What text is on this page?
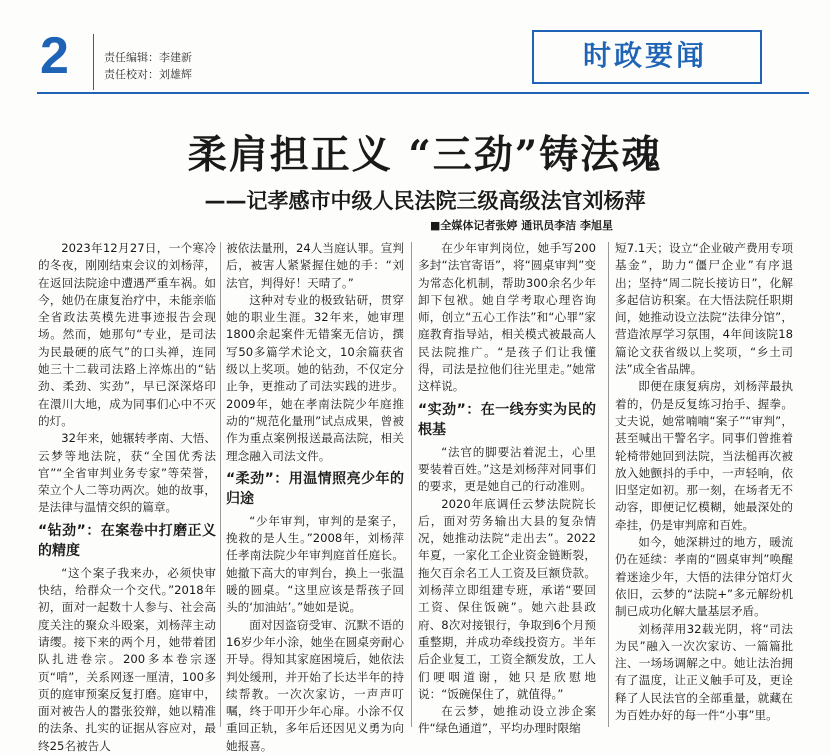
2	责任编辑：李建新
责任校对：刘雄辉
时政要闻
柔肩担正义 “三劲”铸法魂
——记孝感市中级人民法院三级高级法官刘杨萍
■全媒体记者张婷 通讯员李洁 李旭星

2023年12月27日，一个寒冷的冬夜，刚刚结束会议的刘杨萍，在返回法院途中遭遇严重车祸。如今，她仍在康复治疗中，未能亲临全省政法英模先进事迹报告会现场。然而，她那句“专业，是司法为民最硬的底气”的口头禅，连同她三十二载司法路上淬炼出的“钻劲、柔劲、实劲”，早已深深烙印在澴川大地，成为同事们心中不灭的灯。

32年来，她辗转孝南、大悟、云梦等地法院，获“全国优秀法官”“全省审判业务专家”等荣誉，荣立个人二等功两次。她的故事，是法律与温情交织的篇章。

“钻劲”：在案卷中打磨正义的精度

“这个案子我来办，必须快审快结，给群众一个交代。”2018年初，面对一起数十人参与、社会高度关注的聚众斗殴案，刘杨萍主动请缨。接下来的两个月，她带着团队扎进卷宗。200多本卷宗逐页“啃”，关系网逐一厘清，100多页的庭审预案反复打磨。庭审中，面对被告人的嚣张狡辩，她以精准的法条、扎实的证据从容应对，最终25名被告人

被依法量刑，24人当庭认罪。宣判后，被害人紧紧握住她的手：“刘法官，判得好！天晴了。”

这种对专业的极致钻研，贯穿她的职业生涯。32年来，她审理1800余起案件无错案无信访，撰写50多篇学术论文，10余篇获省级以上奖项。她的钻劲，不仅定分止争，更推动了司法实践的进步。2009年，她在孝南法院少年庭推动的“规范化量刑”试点成果，曾被作为重点案例报送最高法院，相关理念融入司法文件。

“柔劲”：用温情照亮少年的归途

“少年审判，审判的是案子，挽救的是人生。”2008年，刘杨萍任孝南法院少年审判庭首任庭长。她撤下高大的审判台，换上一张温暖的圆桌。“这里应该是帮孩子回头的‘加油站’。”她如是说。

面对因盗窃受审、沉默不语的16岁少年小涂，她坐在圆桌旁耐心开导。得知其家庭困境后，她依法判处缓刑，并开始了长达半年的持续帮教。一次次家访，一声声叮嘱，终于叩开少年心扉。小涂不仅重回正轨，多年后还因见义勇为向她报喜。

在少年审判岗位，她手写200多封“法官寄语”，将“圆桌审判”变为常态化机制，帮助300余名少年卸下包袱。她自学考取心理咨询师，创立“五心工作法”和“心罪”家庭教育指导站，相关模式被最高人民法院推广。“是孩子们让我懂得，司法是拉他们往光里走。”她常这样说。

“实劲”：在一线夯实为民的根基

“法官的脚要沾着泥土，心里要装着百姓。”这是刘杨萍对同事们的要求，更是她自己的行动准则。

2020年底调任云梦法院院长后，面对劳务输出大县的复杂情况，她推动法院“走出去”。2022年夏，一家化工企业资金链断裂，拖欠百余名工人工资及巨额贷款。刘杨萍立即组建专班，承诺“要回工资、保住饭碗”。她六赴县政府、8次对接银行，争取到6个月预重整期，并成功牵线投资方。半年后企业复工，工资全额发放，工人们哽咽道谢，她只是欣慰地说：“饭碗保住了，就值得。”

在云梦，她推动设立涉企案件“绿色通道”，平均办理时限缩

短7.1天；设立“企业破产费用专项基金”，助力“僵尸企业”有序退出；坚持“周二院长接访日”，化解多起信访积案。在大悟法院任职期间，她推动设立法院“法律分馆”，营造浓厚学习氛围，4年间该院18篇论文获省级以上奖项，“乡土司法”成全省品牌。

即便在康复病房，刘杨萍最执着的，仍是反复练习抬手、握拳。丈夫说，她常喃喃“案子”“审判”，甚至喊出干警名字。同事们曾推着轮椅带她回到法院，当法槌再次被放入她颤抖的手中，一声轻响，依旧坚定如初。那一刻，在场者无不动容，即便记忆模糊，她最深处的牵挂，仍是审判席和百姓。

如今，她深耕过的地方，暖流仍在延续：孝南的“圆桌审判”唤醒着迷途少年，大悟的法律分馆灯火依旧，云梦的“法院+”多元解纷机制已成功化解大量基层矛盾。

刘杨萍用32载光阴，将“司法为民”融入一次次家访、一篇篇批注、一场场调解之中。她让法治拥有了温度，让正义触手可及，更诠释了人民法官的全部重量，就藏在为百姓办好的每一件“小事”里。
